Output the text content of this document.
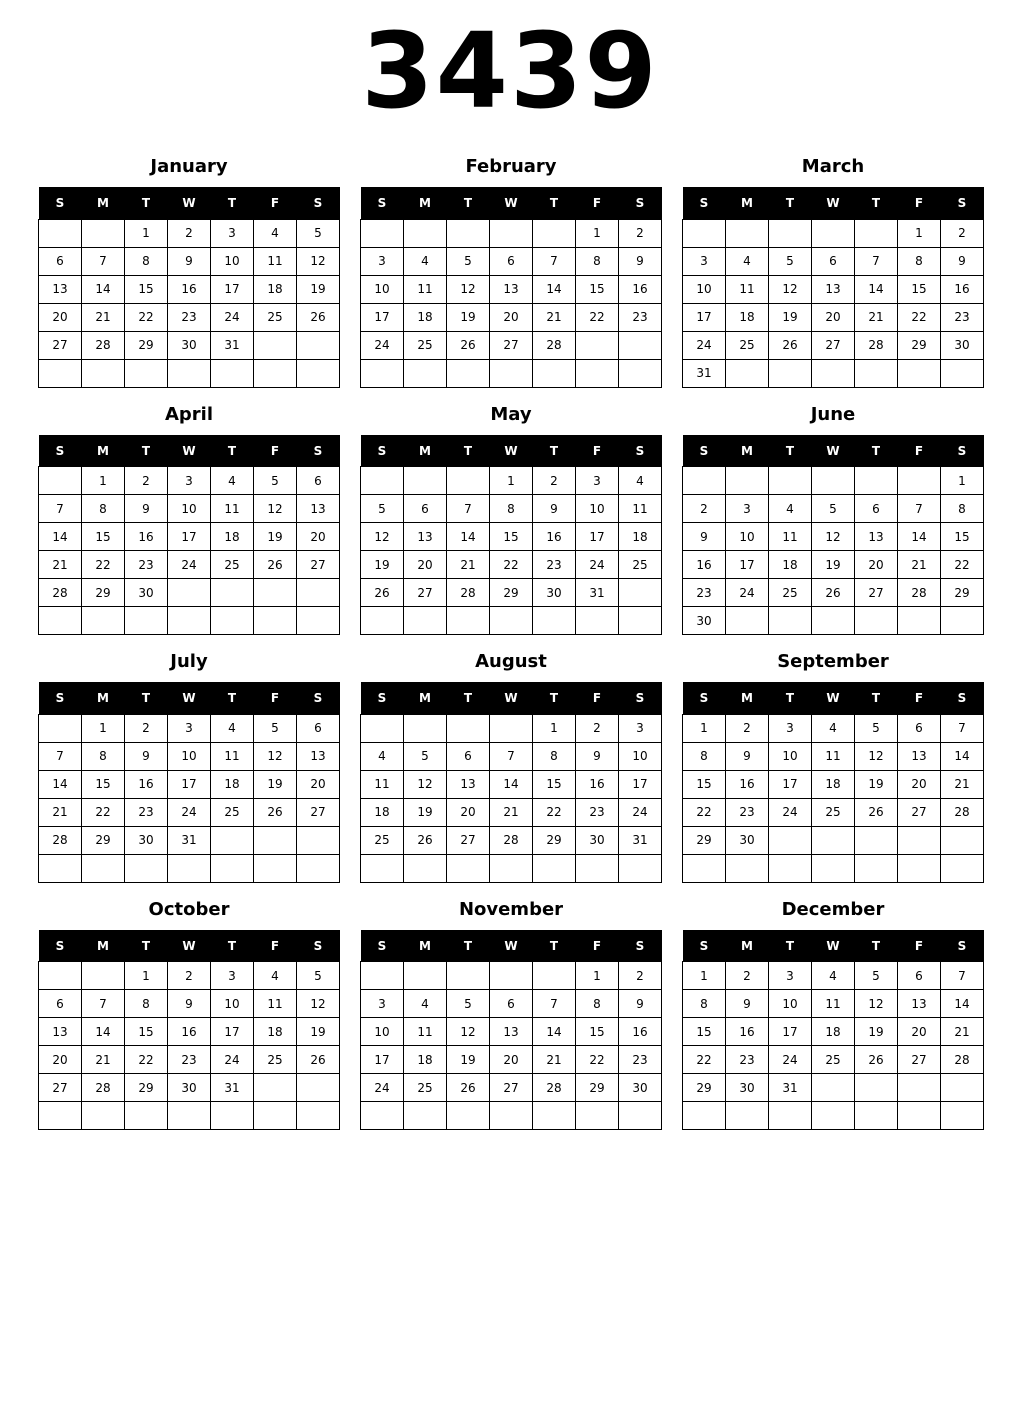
3439
January
S	M	T	W	T	F	S
		1	2	3	4	5
6	7	8	9	10	11	12
13	14	15	16	17	18	19
20	21	22	23	24	25	26
27	28	29	30	31		

February
S	M	T	W	T	F	S
					1	2
3	4	5	6	7	8	9
10	11	12	13	14	15	16
17	18	19	20	21	22	23
24	25	26	27	28		

March
S	M	T	W	T	F	S
					1	2
3	4	5	6	7	8	9
10	11	12	13	14	15	16
17	18	19	20	21	22	23
24	25	26	27	28	29	30
31						
April
S	M	T	W	T	F	S
	1	2	3	4	5	6
7	8	9	10	11	12	13
14	15	16	17	18	19	20
21	22	23	24	25	26	27
28	29	30				

May
S	M	T	W	T	F	S
			1	2	3	4
5	6	7	8	9	10	11
12	13	14	15	16	17	18
19	20	21	22	23	24	25
26	27	28	29	30	31	

June
S	M	T	W	T	F	S
						1
2	3	4	5	6	7	8
9	10	11	12	13	14	15
16	17	18	19	20	21	22
23	24	25	26	27	28	29
30						
July
S	M	T	W	T	F	S
	1	2	3	4	5	6
7	8	9	10	11	12	13
14	15	16	17	18	19	20
21	22	23	24	25	26	27
28	29	30	31			

August
S	M	T	W	T	F	S
				1	2	3
4	5	6	7	8	9	10
11	12	13	14	15	16	17
18	19	20	21	22	23	24
25	26	27	28	29	30	31

September
S	M	T	W	T	F	S
1	2	3	4	5	6	7
8	9	10	11	12	13	14
15	16	17	18	19	20	21
22	23	24	25	26	27	28
29	30					

October
S	M	T	W	T	F	S
		1	2	3	4	5
6	7	8	9	10	11	12
13	14	15	16	17	18	19
20	21	22	23	24	25	26
27	28	29	30	31		

November
S	M	T	W	T	F	S
					1	2
3	4	5	6	7	8	9
10	11	12	13	14	15	16
17	18	19	20	21	22	23
24	25	26	27	28	29	30

December
S	M	T	W	T	F	S
1	2	3	4	5	6	7
8	9	10	11	12	13	14
15	16	17	18	19	20	21
22	23	24	25	26	27	28
29	30	31				
